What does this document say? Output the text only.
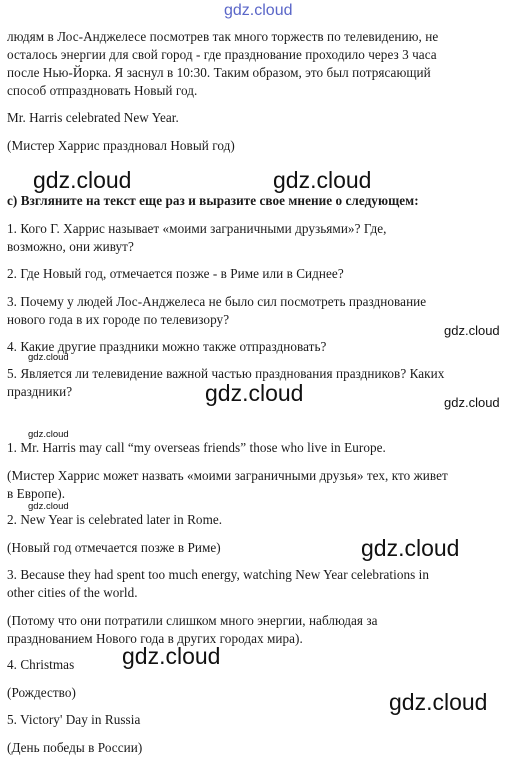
gdz.cloud
людям в Лос-Анджелесе посмотрев так много торжеств по телевидению, не
осталось энергии для свой город - где празднование проходило через 3 часа
после Нью-Йорка. Я заснул в 10:30. Таким образом, это был потрясающий
способ отпраздновать Новый год.
Mr. Harris celebrated New Year.
(Мистер Харрис праздновал Новый год)
gdz.cloud	gdz.cloud
c) Взгляните на текст еще раз и выразите свое мнение о следующем:
1. Кого Г. Харрис называет «моими заграничными друзьями»? Где,
возможно, они живут?
2. Где Новый год, отмечается позже - в Риме или в Сиднее?
3. Почему у людей Лос-Анджелеса не было сил посмотреть празднование
нового года в их городе по телевизору?
gdz.cloud
4. Какие другие праздники можно также отпраздновать?
gdz.cloud
5. Является ли телевидение важной частью празднования праздников? Каких
праздники?	gdz.cloud	gdz.cloud
gdz.cloud
1. Mr. Harris may call “my overseas friends” those who live in Europe.
(Мистер Харрис может назвать «моими заграничными друзья» тех, кто живет
в Европе).
gdz.cloud
2. New Year is celebrated later in Rome.
(Новый год отмечается позже в Риме)	gdz.cloud
3. Because they had spent too much energy, watching New Year celebrations in
other cities of the world.
(Потому что они потратили слишком много энергии, наблюдая за
празднованием Нового года в других городах мира).
gdz.cloud
4. Christmas
(Рождество)	gdz.cloud
5. Victory' Day in Russia
(День победы в России)
